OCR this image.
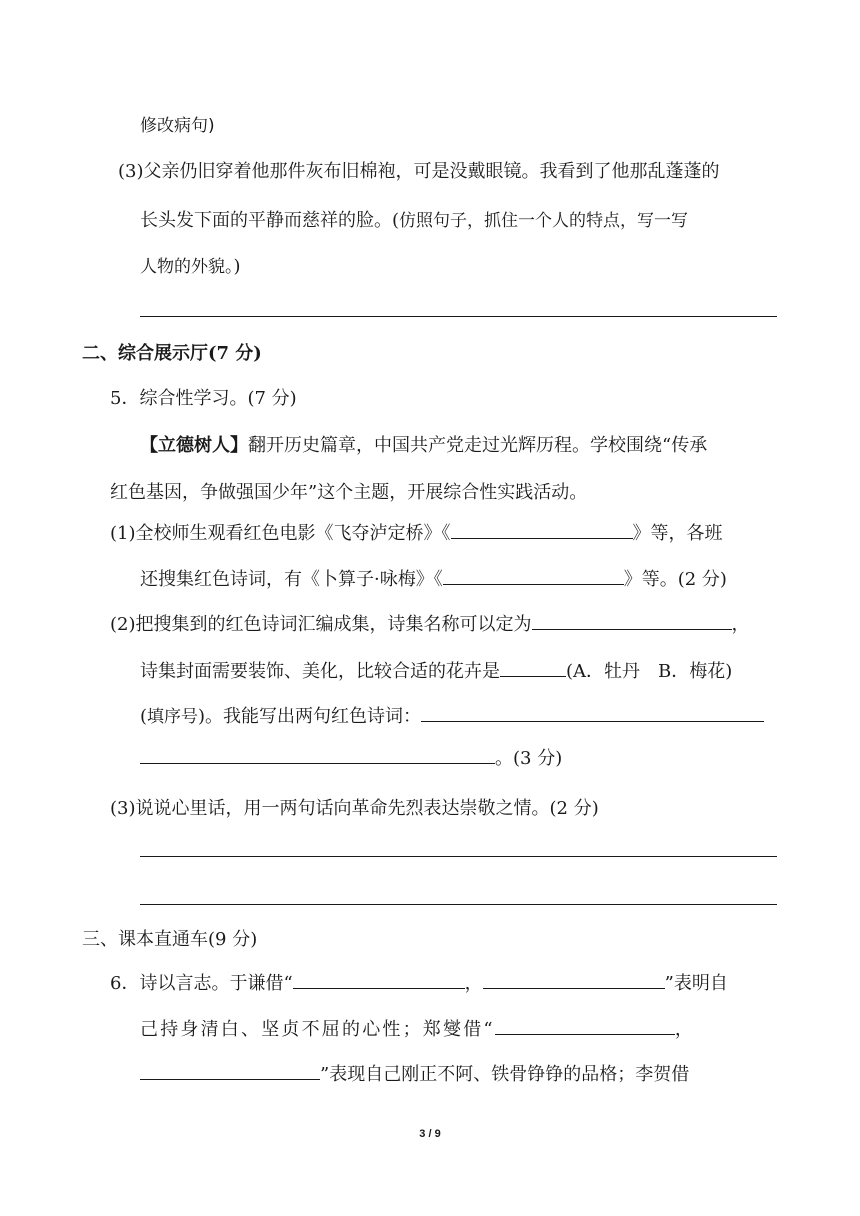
修改病句)
(3)父亲仍旧穿着他那件灰布旧棉袍，可是没戴眼镜。我看到了他那乱蓬蓬的
长头发下面的平静而慈祥的脸。(仿照句子，抓住一个人的特点，写一写
人物的外貌。)
二、综合展示厅(7 分)
5．综合性学习。(7 分)
【立德树人】翻开历史篇章，中国共产党走过光辉历程。学校围绕“传承
红色基因，争做强国少年”这个主题，开展综合性实践活动。
(1)全校师生观看红色电影《飞夺泸定桥》《	》等，各班
还搜集红色诗词，有《卜算子·咏梅》《	》等。(2 分)
(2)把搜集到的红色诗词汇编成集，诗集名称可以定为	，
诗集封面需要装饰、美化，比较合适的花卉是	(A．牡丹　B．梅花)
(填序号)。我能写出两句红色诗词：
。(3 分)
(3)说说心里话，用一两句话向革命先烈表达崇敬之情。(2 分)
三、课本直通车(9 分)
6．诗以言志。于谦借“	，	”表明自
己持身清白、坚贞不屈的心性；郑燮借“	，
”表现自己刚正不阿、铁骨铮铮的品格；李贺借
3 / 9
